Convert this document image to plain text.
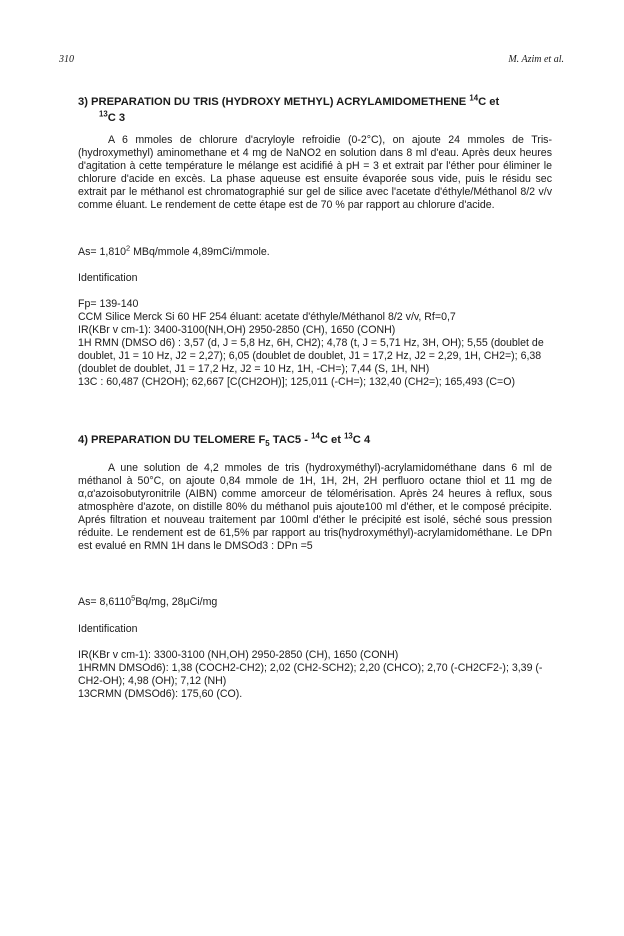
310	M. Azim et al.
3) PREPARATION DU TRIS (HYDROXY METHYL) ACRYLAMIDOMETHENE $^{14}$C et
$^{13}$C 3
A 6 mmoles de chlorure d'acryloyle refroidie (0-2°C), on ajoute 24 mmoles de Tris-(hydroxymethyl) aminomethane et 4 mg de NaNO2 en solution dans 8 ml d'eau. Après deux heures d'agitation à cette température le mélange est acidifié à pH = 3 et extrait par l'éther pour éliminer le chlorure d'acide en excès. La phase aqueuse est ensuite évaporée sous vide, puis le résidu sec extrait par le méthanol est chromatographié sur gel de silice avec l'acetate d'éthyle/Méthanol 8/2 v/v comme éluant. Le rendement de cette étape est de 70 % par rapport au chlorure d'acide.
$As= 1,810^2$ MBq/mmole 4,89mCi/mmole.
Identification
Fp= 139-140
CCM Silice Merck Si 60 HF 254 éluant: acetate d'éthyle/Méthanol 8/2 v/v, Rf=0,7
IR(KBr v cm-1): 3400-3100(NH,OH) 2950-2850 (CH), 1650 (CONH)
1H RMN (DMSO d6) : 3,57 (d, J = 5,8 Hz, 6H, CH2); 4,78 (t, J = 5,71 Hz, 3H, OH); 5,55 (doublet de doublet, J1 = 10 Hz, J2 = 2,27); 6,05 (doublet de doublet, J1 = 17,2 Hz, J2 = 2,29, 1H, CH2=); 6,38 (doublet de doublet, J1 = 17,2 Hz, J2 = 10 Hz, 1H, -CH=); 7,44 (S, 1H, NH)
13C : 60,487 (CH2OH); 62,667 [C(CH2OH)]; 125,011 (-CH=); 132,40 (CH2=); 165,493 (C=O)
4) PREPARATION DU TELOMERE $F_5$ TAC5 - $^{14}$C et $^{13}$C 4
A une solution de 4,2 mmoles de tris (hydroxyméthyl)-acrylamidométhane dans 6 ml de méthanol à 50°C, on ajoute 0,84 mmole de 1H, 1H, 2H, 2H perfluoro octane thiol et 11 mg de α,α'azoisobutyronitrile (AIBN) comme amorceur de télomérisation. Après 24 heures à reflux, sous atmosphère d'azote, on distille 80% du méthanol puis ajoute100 ml d'éther, et le composé précipite. Aprés filtration et nouveau traitement par 100ml d'éther le précipité est isolé, séché sous pression réduite. Le rendement est de 61,5% par rapport au tris(hydroxyméthyl)-acrylamidométhane. Le DPn est evalué en RMN 1H dans le DMSOd3 : DPn =5
$As= 8,6110^5Bq/mg$, 28μCi/mg
Identification
IR(KBr v cm-1): 3300-3100 (NH,OH) 2950-2850 (CH), 1650 (CONH)
1HRMN DMSOd6): 1,38 (COCH2-CH2); 2,02 (CH2-SCH2); 2,20 (CHCO); 2,70 (-CH2CF2-); 3,39 (-CH2-OH); 4,98 (OH); 7,12 (NH)
13CRMN (DMSOd6): 175,60 (CO).
